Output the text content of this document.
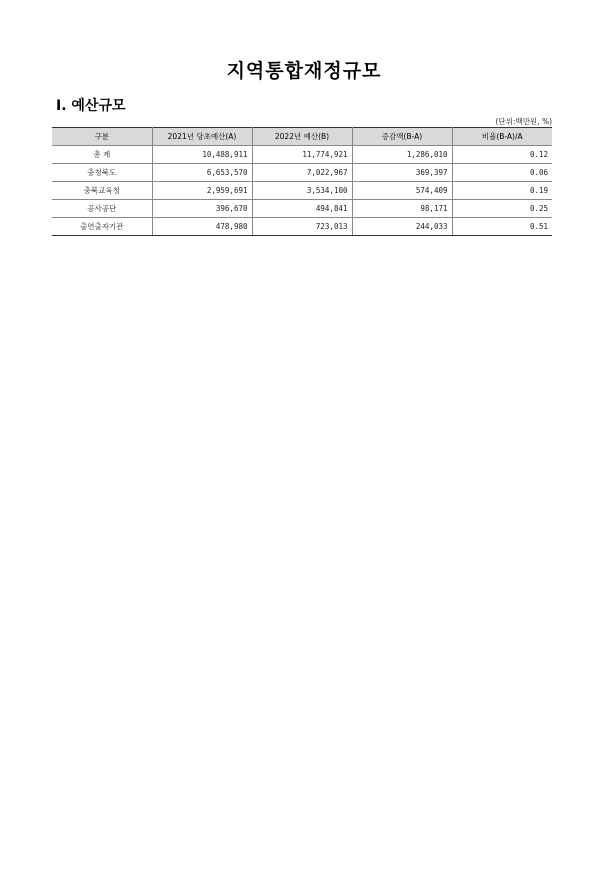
지역통합재정규모
Ⅰ. 예산규모
(단위:백만원, %)
구분	2021년 당초예산(A)	2022년 예산(B)	증감액(B-A)	비율(B-A)/A
총 계	10,488,911	11,774,921	1,286,010	0.12
충청북도	6,653,570	7,022,967	369,397	0.06
충북교육청	2,959,691	3,534,100	574,409	0.19
공사공단	396,670	494,841	98,171	0.25
출연출자기관	478,980	723,013	244,033	0.51
